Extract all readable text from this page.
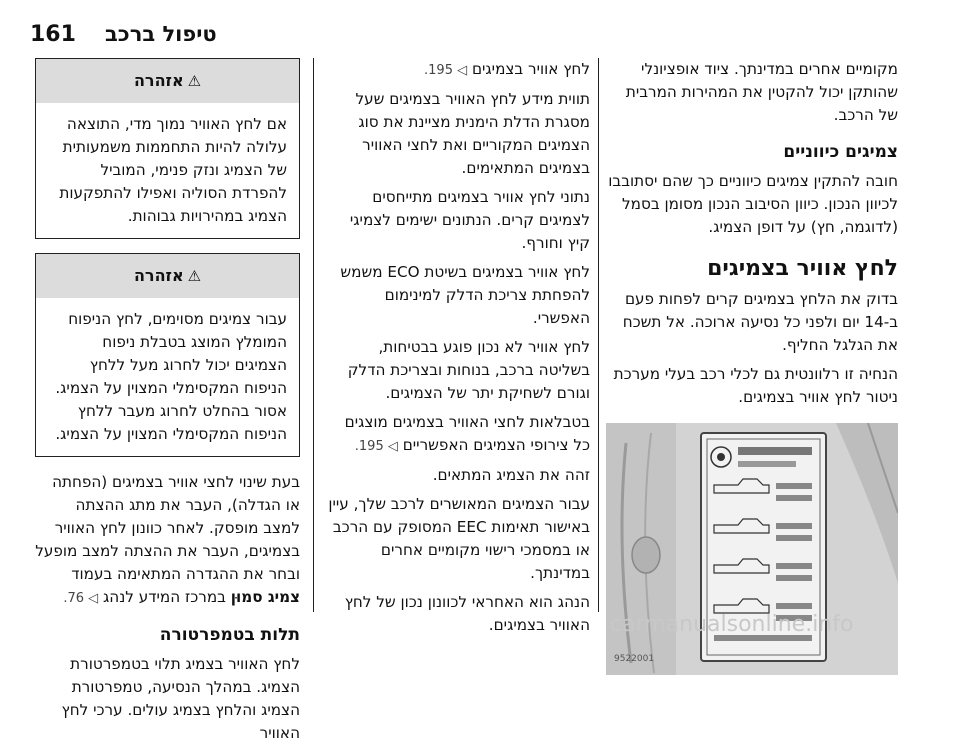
161 טיפול ברכב

מקומיים אחרים במדינתך. ציוד אופציונלי שהותקן יכול להקטין את המהירות המרבית של הרכב.

צמיגים כיווניים

חובה להתקין צמיגים כיווניים כך שהם יסתובבו לכיוון הנכון. כיוון הסיבוב הנכון מסומן בסמל (לדוגמה, חץ) על דופן הצמיג.

לחץ אוויר בצמיגים

בדוק את הלחץ בצמיגים קרים לפחות פעם ב-14 יום ולפני כל נסיעה ארוכה. אל תשכח את הגלגל החליף.

הנחיה זו רלוונטית גם לכלי רכב בעלי מערכת ניטור לחץ אוויר בצמיגים.

9522001

לחץ אוויר בצמיגים ◁ 195.

תווית מידע לחץ האוויר בצמיגים שעל מסגרת הדלת הימנית מציינת את סוג הצמיגים המקוריים ואת לחצי האוויר בצמיגים המתאימים.

נתוני לחץ אוויר בצמיגים מתייחסים לצמיגים קרים. הנתונים ישימים לצמיגי קיץ וחורף.

לחץ אוויר בצמיגים בשיטת ECO משמש להפחתת צריכת הדלק למינימום האפשרי.

לחץ אוויר לא נכון פוגע בבטיחות, בשליטה ברכב, בנוחות ובצריכת הדלק וגורם לשחיקת יתר של הצמיגים.

בטבלאות לחצי האוויר בצמיגים מוצגים כל צירופי הצמיגים האפשריים ◁ 195.

זהה את הצמיג המתאים.

עבור הצמיגים המאושרים לרכב שלך, עיין באישור תאימות EEC המסופק עם הרכב או במסמכי רישוי מקומיים אחרים במדינתך.

הנהג הוא האחראי לכוונון נכון של לחץ האוויר בצמיגים.

⚠אזהרה
אם לחץ האוויר נמוך מדי, התוצאה עלולה להיות התחממות משמעותית של הצמיג ונזק פנימי, המוביל להפרדת הסוליה ואפילו להתפקעות הצמיג במהירויות גבוהות.
⚠אזהרה
עבור צמיגים מסוימים, לחץ הניפוח המומלץ המוצג בטבלת ניפוח הצמיגים יכול לחרוג מעל ללחץ הניפוח המקסימלי המצוין על הצמיג. אסור בהחלט לחרוג מעבר ללחץ הניפוח המקסימלי המצוין על הצמיג.

בעת שינוי לחצי אוויר בצמיגים (הפחתה או הגדלה), העבר את מתג ההצתה למצב מופסק. לאחר כוונון לחץ האוויר בצמיגים, העבר את ההצתה למצב מופעל ובחר את ההגדרה המתאימה בעמוד צמיג סמוּן במרכז המידע לנהג ◁ 76.

תלות בטמפרטורה

לחץ האוויר בצמיג תלוי בטמפרטורת הצמיג. במהלך הנסיעה, טמפרטורת הצמיג והלחץ בצמיג עולים. ערכי לחץ האוויר

carmanualsonline.info
